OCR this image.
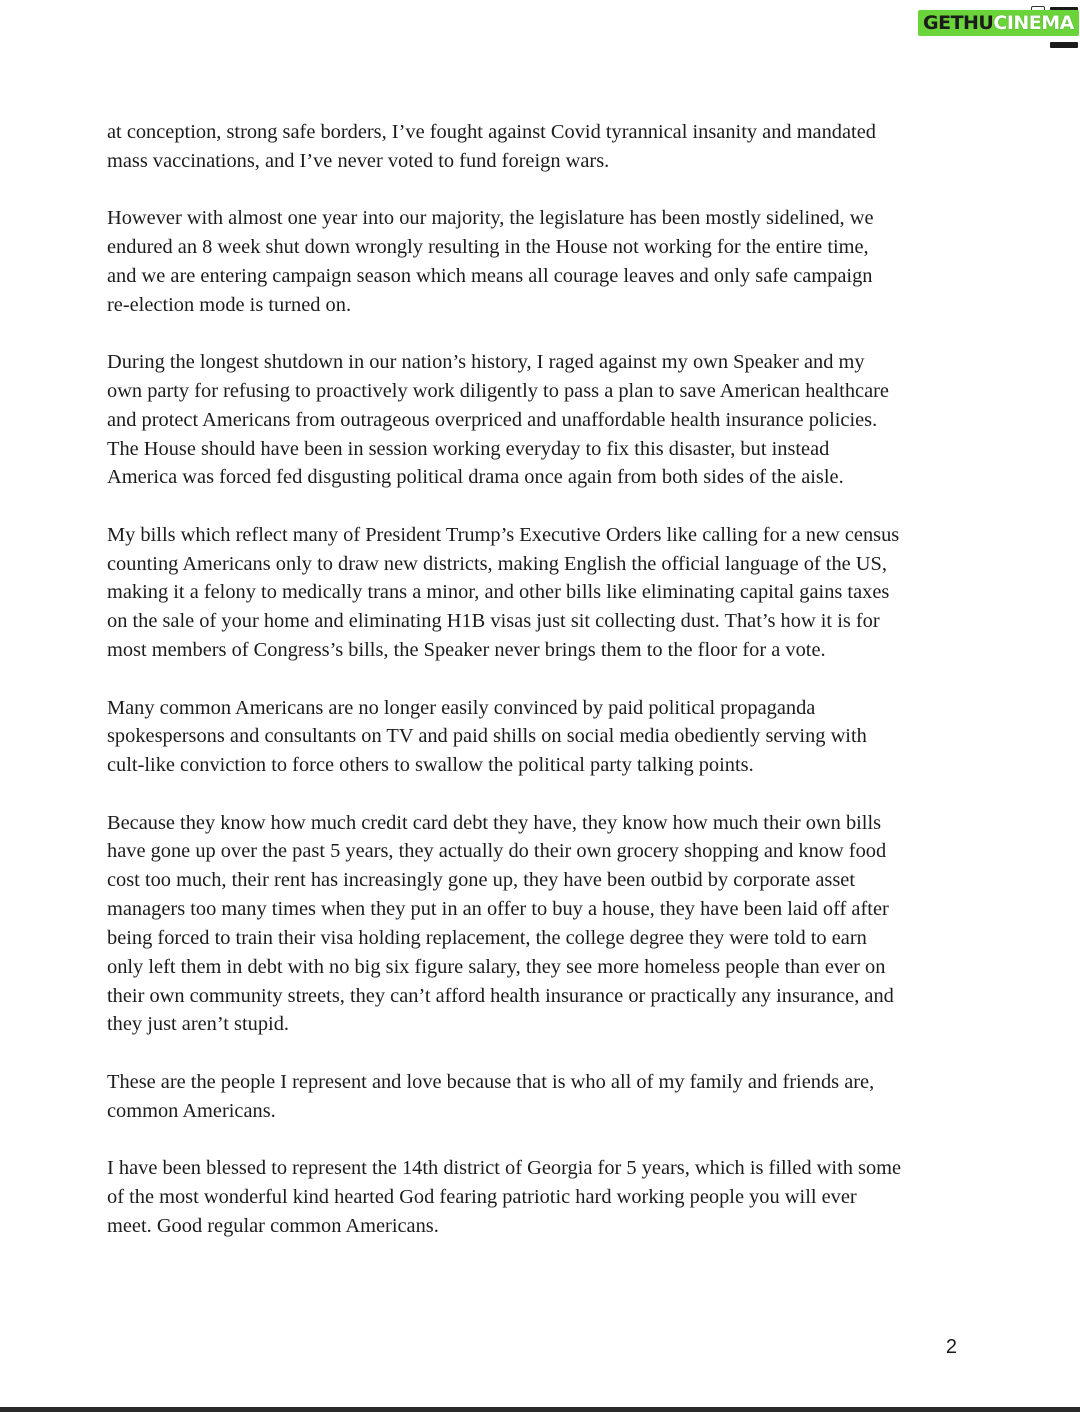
GETHU CINEMA

at conception, strong safe borders, I’ve fought against Covid tyrannical insanity and mandated
mass vaccinations, and I’ve never voted to fund foreign wars.

However with almost one year into our majority, the legislature has been mostly sidelined, we
endured an 8 week shut down wrongly resulting in the House not working for the entire time,
and we are entering campaign season which means all courage leaves and only safe campaign
re-election mode is turned on.

During the longest shutdown in our nation’s history, I raged against my own Speaker and my
own party for refusing to proactively work diligently to pass a plan to save American healthcare
and protect Americans from outrageous overpriced and unaffordable health insurance policies.
The House should have been in session working everyday to fix this disaster, but instead
America was forced fed disgusting political drama once again from both sides of the aisle.

My bills which reflect many of President Trump’s Executive Orders like calling for a new census
counting Americans only to draw new districts, making English the official language of the US,
making it a felony to medically trans a minor, and other bills like eliminating capital gains taxes
on the sale of your home and eliminating H1B visas just sit collecting dust. That’s how it is for
most members of Congress’s bills, the Speaker never brings them to the floor for a vote.

Many common Americans are no longer easily convinced by paid political propaganda
spokespersons and consultants on TV and paid shills on social media obediently serving with
cult-like conviction to force others to swallow the political party talking points.

Because they know how much credit card debt they have, they know how much their own bills
have gone up over the past 5 years, they actually do their own grocery shopping and know food
cost too much, their rent has increasingly gone up, they have been outbid by corporate asset
managers too many times when they put in an offer to buy a house, they have been laid off after
being forced to train their visa holding replacement, the college degree they were told to earn
only left them in debt with no big six figure salary, they see more homeless people than ever on
their own community streets, they can’t afford health insurance or practically any insurance, and
they just aren’t stupid.

These are the people I represent and love because that is who all of my family and friends are,
common Americans.

I have been blessed to represent the 14th district of Georgia for 5 years, which is filled with some
of the most wonderful kind hearted God fearing patriotic hard working people you will ever
meet. Good regular common Americans.

2
